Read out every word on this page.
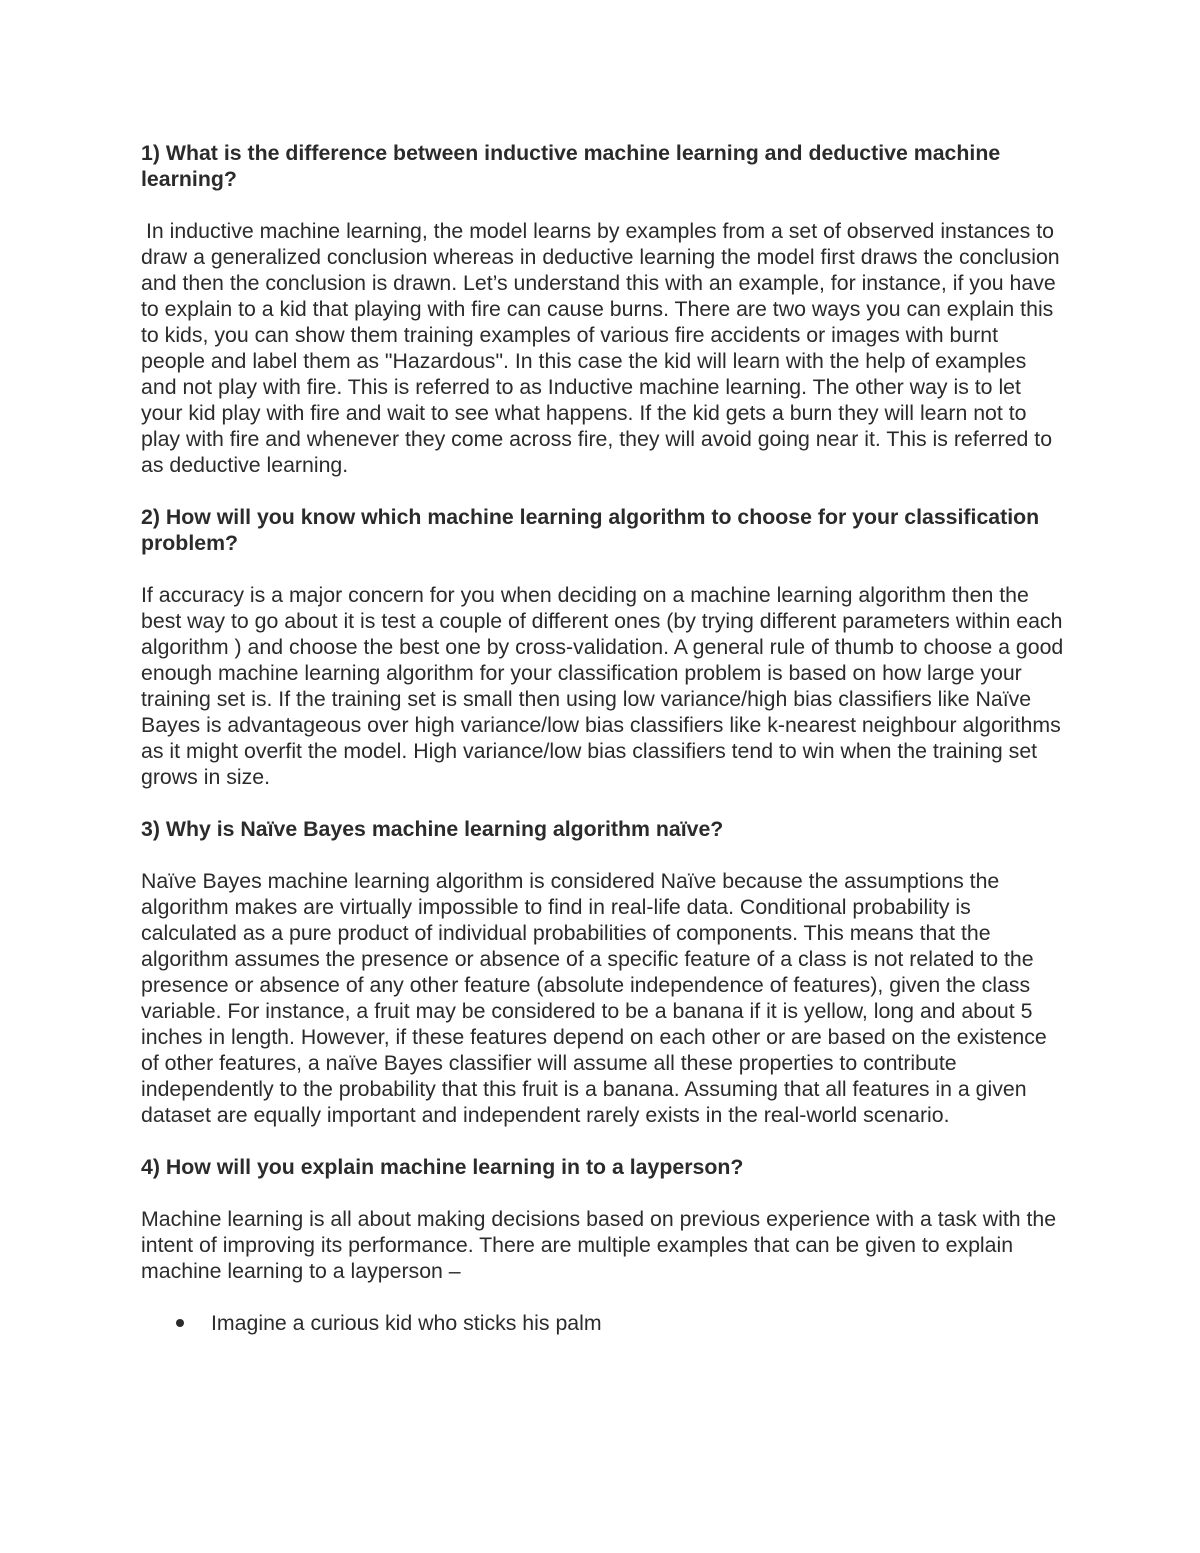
1) What is the difference between inductive machine learning and deductive machine learning?
In inductive machine learning, the model learns by examples from a set of observed instances to draw a generalized conclusion whereas in deductive learning the model first draws the conclusion and then the conclusion is drawn. Let’s understand this with an example, for instance, if you have to explain to a kid that playing with fire can cause burns. There are two ways you can explain this to kids, you can show them training examples of various fire accidents or images with burnt people and label them as "Hazardous". In this case the kid will learn with the help of examples and not play with fire. This is referred to as Inductive machine learning. The other way is to let your kid play with fire and wait to see what happens. If the kid gets a burn they will learn not to play with fire and whenever they come across fire, they will avoid going near it. This is referred to as deductive learning.
2) How will you know which machine learning algorithm to choose for your classification problem?
If accuracy is a major concern for you when deciding on a machine learning algorithm then the best way to go about it is test a couple of different ones (by trying different parameters within each algorithm ) and choose the best one by cross-validation. A general rule of thumb to choose a good enough machine learning algorithm for your classification problem is based on how large your training set is. If the training set is small then using low variance/high bias classifiers like Naïve Bayes is advantageous over high variance/low bias classifiers like k-nearest neighbour algorithms as it might overfit the model. High variance/low bias classifiers tend to win when the training set grows in size.
3) Why is Naïve Bayes machine learning algorithm naïve?
Naïve Bayes machine learning algorithm is considered Naïve because the assumptions the algorithm makes are virtually impossible to find in real-life data. Conditional probability is calculated as a pure product of individual probabilities of components. This means that the algorithm assumes the presence or absence of a specific feature of a class is not related to the presence or absence of any other feature (absolute independence of features), given the class variable. For instance, a fruit may be considered to be a banana if it is yellow, long and about 5 inches in length. However, if these features depend on each other or are based on the existence of other features, a naïve Bayes classifier will assume all these properties to contribute independently to the probability that this fruit is a banana. Assuming that all features in a given dataset are equally important and independent rarely exists in the real-world scenario.
4) How will you explain machine learning in to a layperson?
Machine learning is all about making decisions based on previous experience with a task with the intent of improving its performance. There are multiple examples that can be given to explain machine learning to a layperson –
Imagine a curious kid who sticks his palm
